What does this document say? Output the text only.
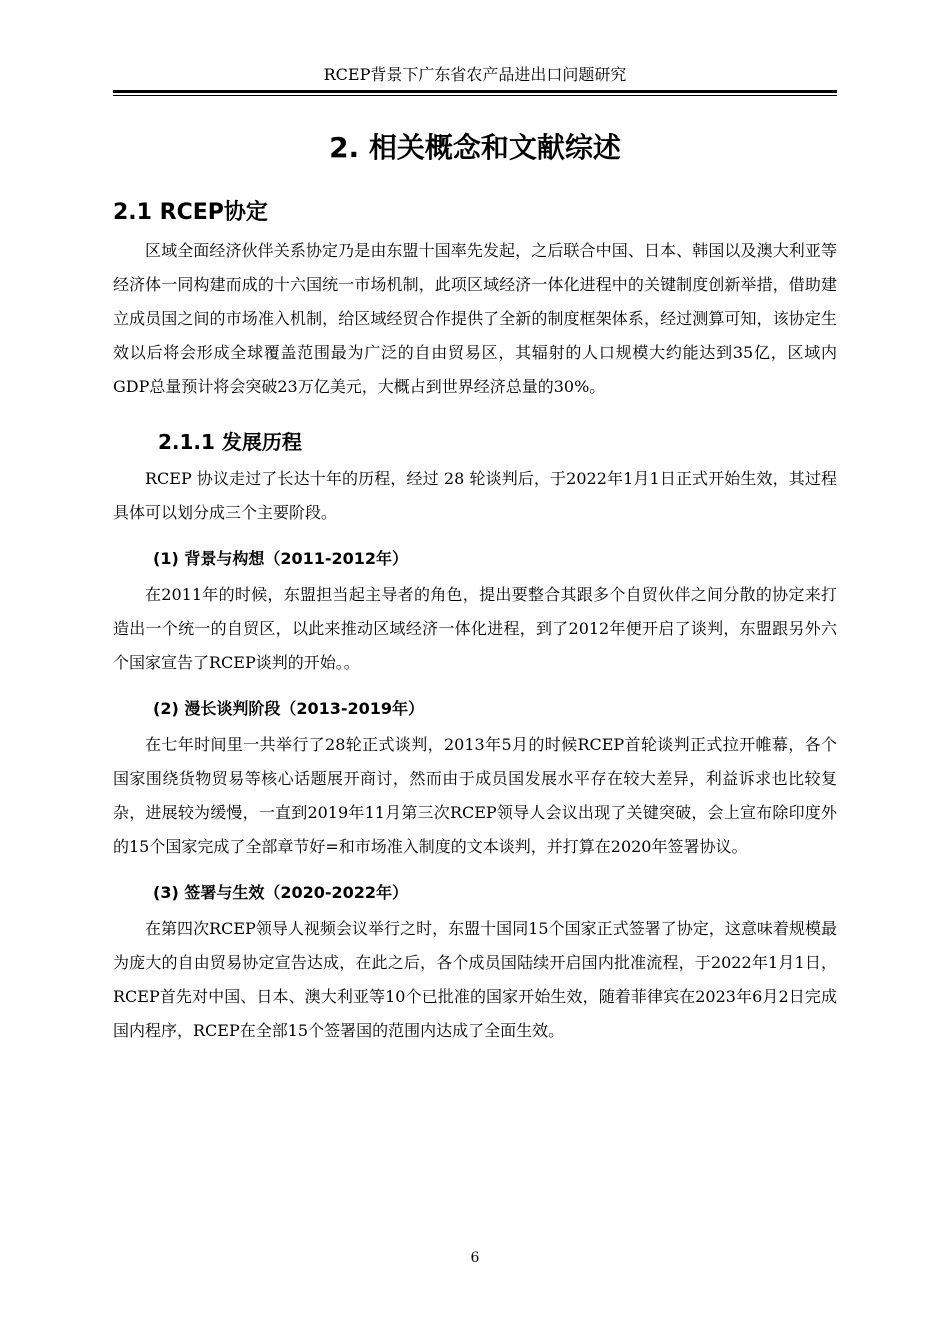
RCEP背景下广东省农产品进出口问题研究
2. 相关概念和文献综述
2.1 RCEP协定

区域全面经济伙伴关系协定乃是由东盟十国率先发起，之后联合中国、日本、韩国以及澳大利亚等经济体一同构建而成的十六国统一市场机制，此项区域经济一体化进程中的关键制度创新举措，借助建立成员国之间的市场准入机制，给区域经贸合作提供了全新的制度框架体系，经过测算可知，该协定生效以后将会形成全球覆盖范围最为广泛的自由贸易区，其辐射的人口规模大约能达到35亿，区域内GDP总量预计将会突破23万亿美元，大概占到世界经济总量的30%。

2.1.1 发展历程

RCEP 协议走过了长达十年的历程，经过 28 轮谈判后，于2022年1月1日正式开始生效，其过程具体可以划分成三个主要阶段。

(1) 背景与构想（2011-2012年）

在2011年的时候，东盟担当起主导者的角色，提出要整合其跟多个自贸伙伴之间分散的协定来打造出一个统一的自贸区，以此来推动区域经济一体化进程，到了2012年便开启了谈判，东盟跟另外六个国家宣告了RCEP谈判的开始。。

(2) 漫长谈判阶段（2013-2019年）

在七年时间里一共举行了28轮正式谈判，2013年5月的时候RCEP首轮谈判正式拉开帷幕，各个国家围绕货物贸易等核心话题展开商讨，然而由于成员国发展水平存在较大差异，利益诉求也比较复杂，进展较为缓慢，一直到2019年11月第三次RCEP领导人会议出现了关键突破，会上宣布除印度外的15个国家完成了全部章节好=和市场准入制度的文本谈判，并打算在2020年签署协议。

(3) 签署与生效（2020-2022年）

在第四次RCEP领导人视频会议举行之时，东盟十国同15个国家正式签署了协定，这意味着规模最为庞大的自由贸易协定宣告达成，在此之后，各个成员国陆续开启国内批准流程，于2022年1月1日，RCEP首先对中国、日本、澳大利亚等10个已批准的国家开始生效，随着菲律宾在2023年6月2日完成国内程序，RCEP在全部15个签署国的范围内达成了全面生效。

6
